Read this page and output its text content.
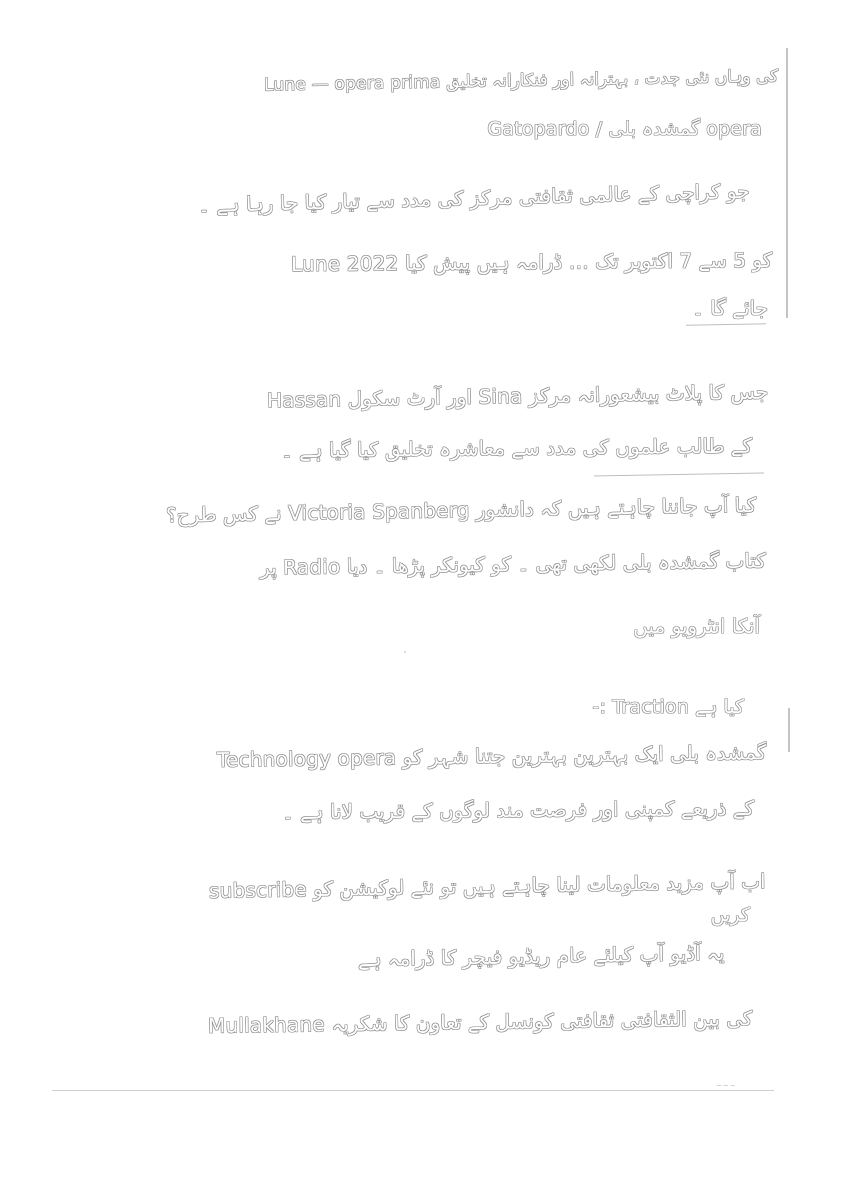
Lune — opera prima کی وہاں نئی جدت ، بہترانہ اور فنکارانہ تخلیق
Gatopardo / گمشدہ بلی opera
جو کراچی کے عالمی ثقافتی مرکز کی مدد سے تیار کیا جا رہا ہے ۔
Lune 2022 کو 5 سے 7 اکتوبر تک … ڈرامہ ہیں پیش کیا
جائے گا ۔
جس کا پلاٹ بیشعورانہ مرکز Sina اور آرٹ سکول Hassan
کے طالب علموں کی مدد سے معاشرہ تخلیق کیا گیا ہے ۔
کیا آپ جاننا چاہتے ہیں کہ دانشور Victoria Spanberg نے کس طرح؟
کتاب گمشدہ بلی لکھی تھی ۔ کو کیونکر پڑھا ۔ دیا Radio پر
آنکا انٹرویو میں
کیا ہے Traction :-
گمشدہ بلی ایک بہترین بہترین جتنا شہر کو Technology opera
کے ذریعے کمپنی اور فرصت مند لوگوں کے قریب لانا ہے ۔
اب آپ مزید معلومات لینا چاہتے ہیں تو نئے لوکیشن کو subscribe
کریں
یہ آڈیو آپ کیلئے عام ریڈیو فیچر کا ڈرامہ ہے
Mullakhane کی بین الثقافتی ثقافتی کونسل کے تعاون کا شکریہ
~~~
